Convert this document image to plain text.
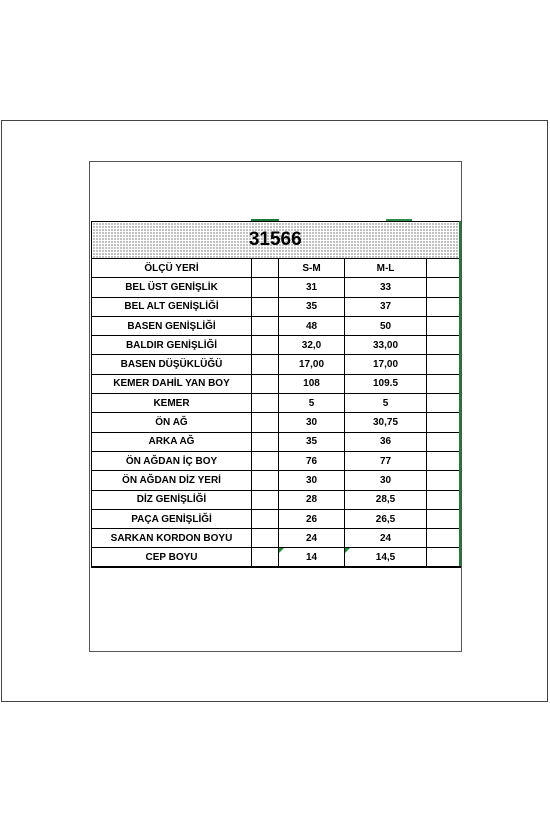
31566				
ÖLÇÜ YERİ		S-M	M-L	
BEL ÜST GENİŞLİK		31	33	
BEL ALT GENİŞLİĞİ		35	37	
BASEN GENİŞLİĞİ		48	50	
BALDIR GENİŞLİĞİ		32,0	33,00	
BASEN DÜŞÜKLÜĞÜ		17,00	17,00	
KEMER DAHİL YAN BOY		108	109.5	
KEMER		5	5	
ÖN AĞ		30	30,75	
ARKA AĞ		35	36	
ÖN AĞDAN İÇ BOY		76	77	
ÖN AĞDAN DİZ YERİ		30	30	
DİZ GENİŞLİĞİ		28	28,5	
PAÇA GENİŞLİĞİ		26	26,5	
SARKAN KORDON BOYU		24	24	
CEP BOYU		14	14,5
